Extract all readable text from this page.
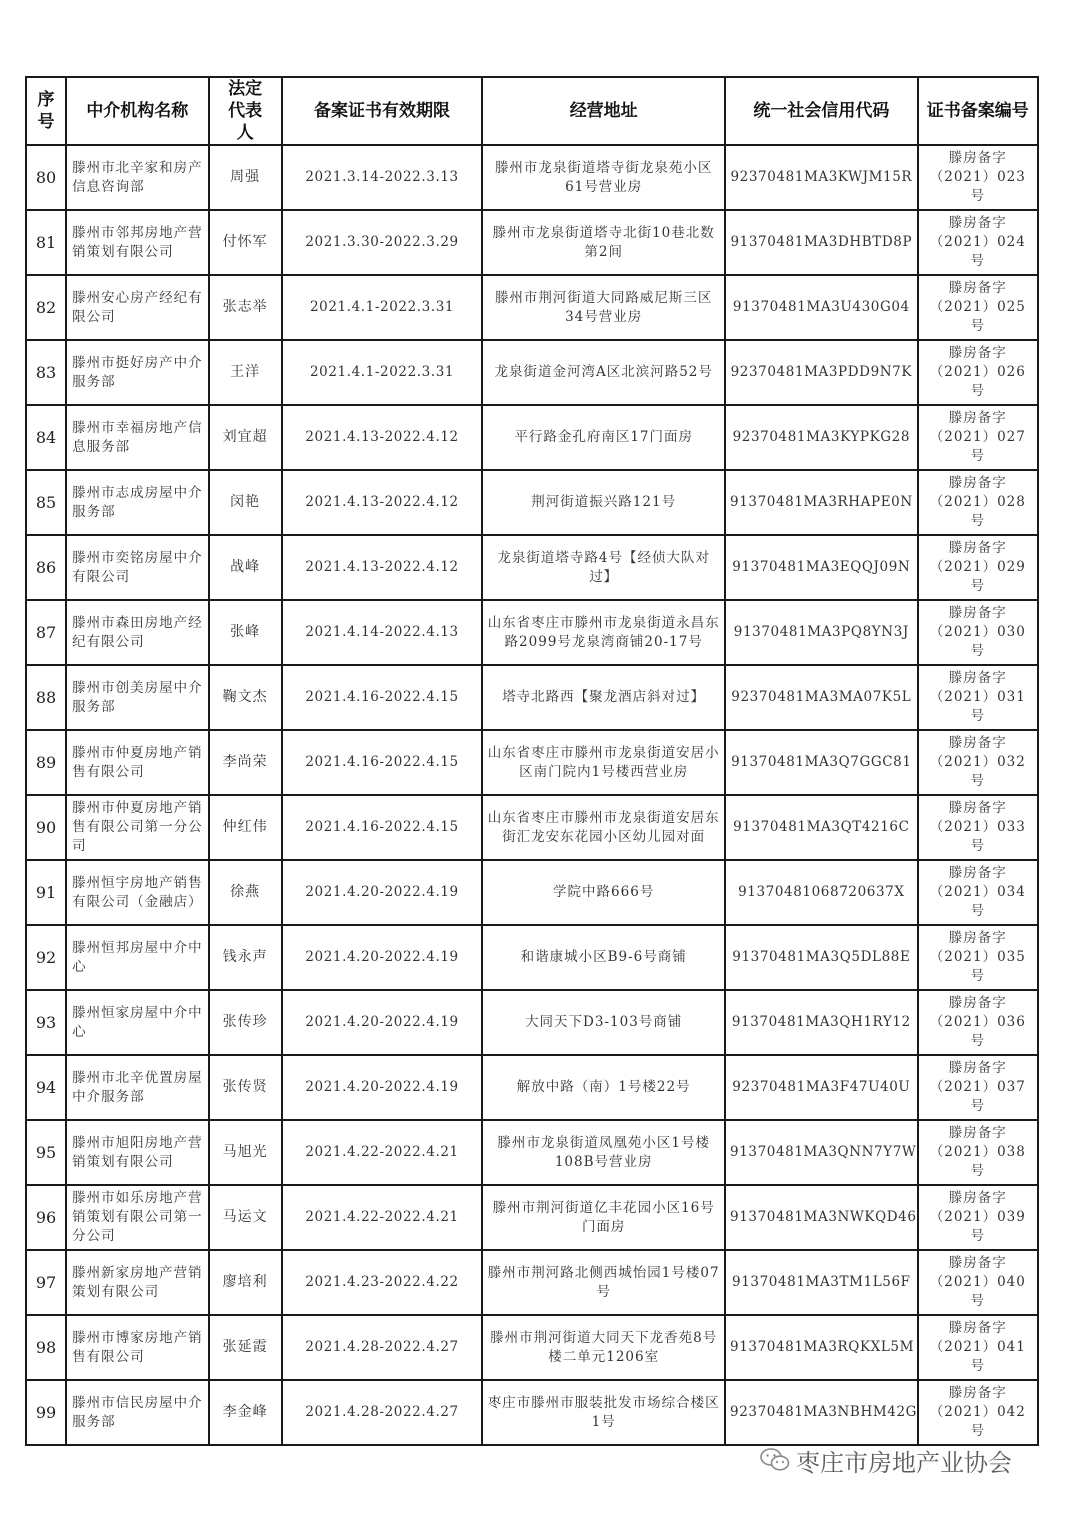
序号	中介机构名称	法定代表人	备案证书有效期限	经营地址	统一社会信用代码	证书备案编号
80	滕州市北辛家和房产信息咨询部	周强	2021.3.14-2022.3.13	滕州市龙泉街道塔寺街龙泉苑小区61号营业房	92370481MA3KWJM15R	滕房备字（2021）023号
81	滕州市邻邦房地产营销策划有限公司	付怀军	2021.3.30-2022.3.29	滕州市龙泉街道塔寺北街10巷北数第2间	91370481MA3DHBTD8P	滕房备字（2021）024号
82	滕州安心房产经纪有限公司	张志举	2021.4.1-2022.3.31	滕州市荆河街道大同路威尼斯三区34号营业房	91370481MA3U430G04	滕房备字（2021）025号
83	滕州市挺好房产中介服务部	王洋	2021.4.1-2022.3.31	龙泉街道金河湾A区北滨河路52号	92370481MA3PDD9N7K	滕房备字（2021）026号
84	滕州市幸福房地产信息服务部	刘宜超	2021.4.13-2022.4.12	平行路金孔府南区17门面房	92370481MA3KYPKG28	滕房备字（2021）027号
85	滕州市志成房屋中介服务部	闵艳	2021.4.13-2022.4.12	荆河街道振兴路121号	91370481MA3RHAPE0N	滕房备字（2021）028号
86	滕州市奕铭房屋中介有限公司	战峰	2021.4.13-2022.4.12	龙泉街道塔寺路4号【经侦大队对过】	91370481MA3EQQJ09N	滕房备字（2021）029号
87	滕州市森田房地产经纪有限公司	张峰	2021.4.14-2022.4.13	山东省枣庄市滕州市龙泉街道永昌东路2099号龙泉湾商铺20-17号	91370481MA3PQ8YN3J	滕房备字（2021）030号
88	滕州市创美房屋中介服务部	鞠文杰	2021.4.16-2022.4.15	塔寺北路西【聚龙酒店斜对过】	92370481MA3MA07K5L	滕房备字（2021）031号
89	滕州市仲夏房地产销售有限公司	李尚荣	2021.4.16-2022.4.15	山东省枣庄市滕州市龙泉街道安居小区南门院内1号楼西营业房	91370481MA3Q7GGC81	滕房备字（2021）032号
90	滕州市仲夏房地产销售有限公司第一分公司	仲红伟	2021.4.16-2022.4.15	山东省枣庄市滕州市龙泉街道安居东街汇龙安东花园小区幼儿园对面	91370481MA3QT4216C	滕房备字（2021）033号
91	滕州恒宇房地产销售有限公司（金融店）	徐燕	2021.4.20-2022.4.19	学院中路666号	91370481068720637X	滕房备字（2021）034号
92	滕州恒邦房屋中介中心	钱永声	2021.4.20-2022.4.19	和谐康城小区B9-6号商铺	91370481MA3Q5DL88E	滕房备字（2021）035号
93	滕州恒家房屋中介中心	张传珍	2021.4.20-2022.4.19	大同天下D3-103号商铺	91370481MA3QH1RY12	滕房备字（2021）036号
94	滕州市北辛优置房屋中介服务部	张传贤	2021.4.20-2022.4.19	解放中路（南）1号楼22号	92370481MA3F47U40U	滕房备字（2021）037号
95	滕州市旭阳房地产营销策划有限公司	马旭光	2021.4.22-2022.4.21	滕州市龙泉街道凤凰苑小区1号楼108B号营业房	91370481MA3QNN7Y7W	滕房备字（2021）038号
96	滕州市如乐房地产营销策划有限公司第一分公司	马运文	2021.4.22-2022.4.21	滕州市荆河街道亿丰花园小区16号门面房	91370481MA3NWKQD46	滕房备字（2021）039号
97	滕州新家房地产营销策划有限公司	廖培利	2021.4.23-2022.4.22	滕州市荆河路北侧西城怡园1号楼07号	91370481MA3TM1L56F	滕房备字（2021）040号
98	滕州市博家房地产销售有限公司	张延霞	2021.4.28-2022.4.27	滕州市荆河街道大同天下龙香苑8号楼二单元1206室	91370481MA3RQKXL5M	滕房备字（2021）041号
99	滕州市信民房屋中介服务部	李金峰	2021.4.28-2022.4.27	枣庄市滕州市服装批发市场综合楼区1号	92370481MA3NBHM42G	滕房备字（2021）042号
枣庄市房地产业协会
